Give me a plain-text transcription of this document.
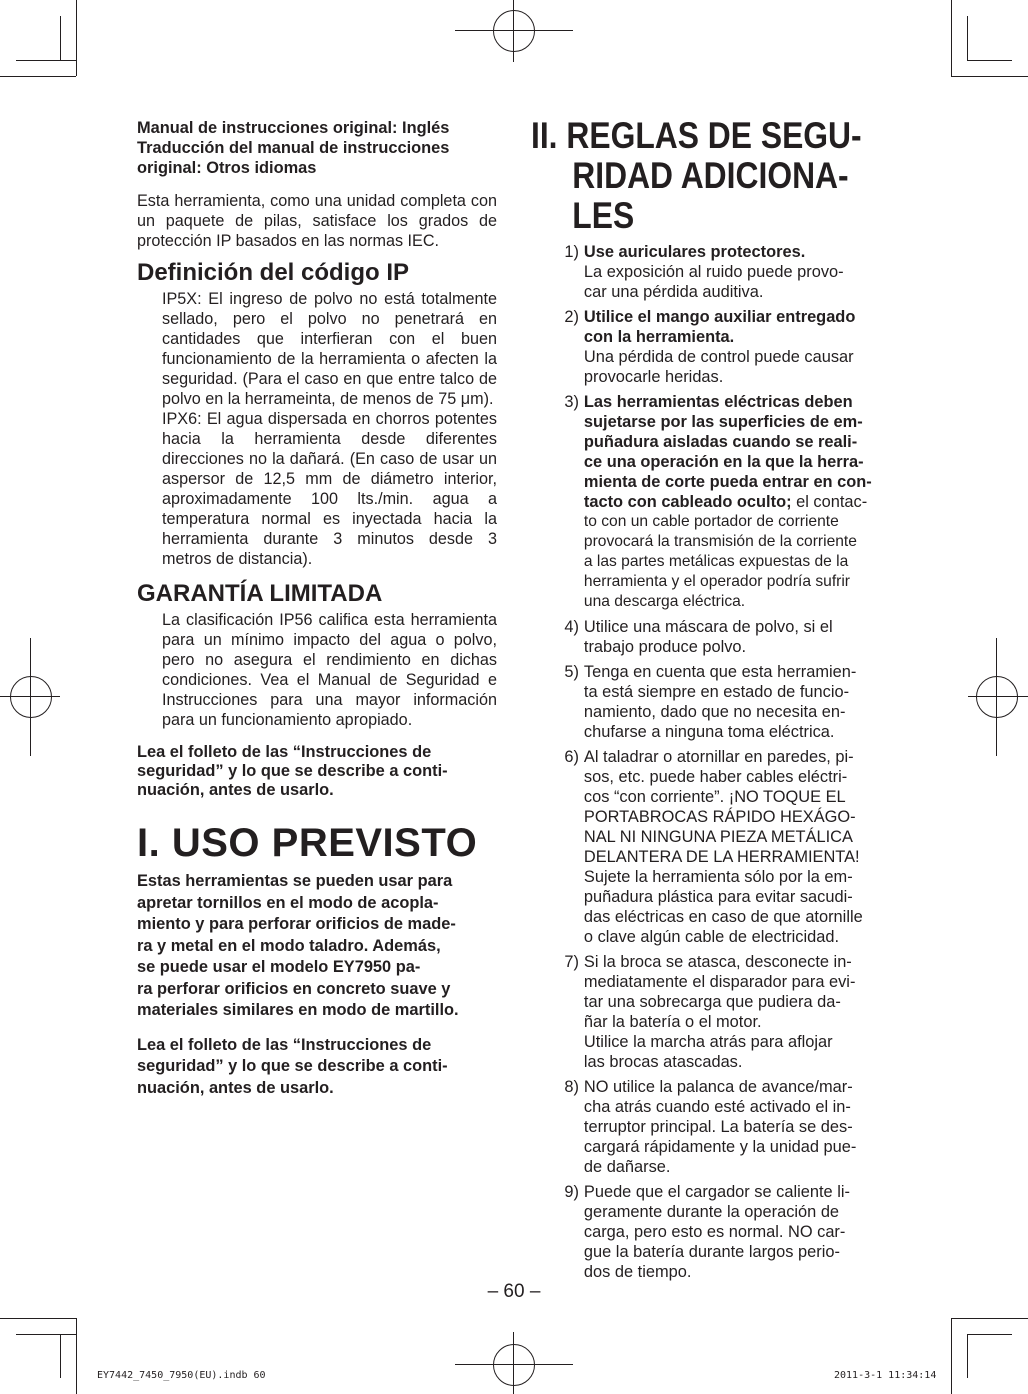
Manual de instrucciones original: Inglés
Traducción del manual de instrucciones
original: Otros idiomas

Esta herramienta, como una unidad completa con un paquete de pilas, satisface los grados de protección IP basados en las normas IEC.

Definición del código IP

IP5X: El ingreso de polvo no está totalmente sellado, pero el polvo no penetrará en cantidades que interfieran con el buen funcionamiento de la herramienta o afecten la seguridad. (Para el caso en que entre talco de polvo en la herrameinta, de menos de 75 μm).

IPX6: El agua dispersada en chorros potentes hacia la herramienta desde diferentes direcciones no la dañará. (En caso de usar un aspersor de 12,5 mm de diámetro interior, aproximadamente 100 lts./min. agua a temperatura normal es inyectada hacia la herramienta durante 3 minutos desde 3 metros de distancia).

GARANTÍA LIMITADA

La clasificación IP56 califica esta herramienta para un mínimo impacto del agua o polvo, pero no asegura el rendimiento en dichas condiciones. Vea el Manual de Seguridad e Instrucciones para una mayor información para un funcionamiento apropiado.

Lea el folleto de las “Instrucciones de
seguridad” y lo que se describe a conti-
nuación, antes de usarlo.

I. USO PREVISTO

Estas herramientas se pueden usar para
apretar tornillos en el modo de acopla-
miento y para perforar orificios de made-
ra y metal en el modo taladro. Además,
se puede usar el modelo EY7950 pa-
ra perforar orificios en concreto suave y
materiales similares en modo de martillo.

Lea el folleto de las “Instrucciones de
seguridad” y lo que se describe a conti-
nuación, antes de usarlo.

II. REGLAS DE SEGU-
RIDAD ADICIONA-
LES
1) Use auriculares protectores.
La exposición al ruido puede provo-
car una pérdida auditiva.
2) Utilice el mango auxiliar entregado
con la herramienta.
Una pérdida de control puede causar
provocarle heridas.
3) Las herramientas eléctricas deben
sujetarse por las superficies de em-
puñadura aisladas cuando se reali-
ce una operación en la que la herra-
mienta de corte pueda entrar en con-
tacto con cableado oculto; el contac-
to con un cable portador de corriente
provocará la transmisión de la corriente
a las partes metálicas expuestas de la
herramienta y el operador podría sufrir
una descarga eléctrica.
4) Utilice una máscara de polvo, si el
trabajo produce polvo.
5) Tenga en cuenta que esta herramien-
ta está siempre en estado de funcio-
namiento, dado que no necesita en-
chufarse a ninguna toma eléctrica.
6) Al taladrar o atornillar en paredes, pi-
sos, etc. puede haber cables eléctri-
cos “con corriente”. ¡NO TOQUE EL
PORTABROCAS RÁPIDO HEXÁGO-
NAL NI NINGUNA PIEZA METÁLICA
DELANTERA DE LA HERRAMIENTA!
Sujete la herramienta sólo por la em-
puñadura plástica para evitar sacudi-
das eléctricas en caso de que atornille
o clave algún cable de electricidad.
7) Si la broca se atasca, desconecte in-
mediatamente el disparador para evi-
tar una sobrecarga que pudiera da-
ñar la batería o el motor.
Utilice la marcha atrás para aflojar
las brocas atascadas.
8) NO utilice la palanca de avance/mar-
cha atrás cuando esté activado el in-
terruptor principal. La batería se des-
cargará rápidamente y la unidad pue-
de dañarse.
9) Puede que el cargador se caliente li-
geramente durante la operación de
carga, pero esto es normal. NO car-
gue la batería durante largos perio-
dos de tiempo.
– 60 –
EY7442_7450_7950(EU).indb 60	2011-3-1 11:34:14
